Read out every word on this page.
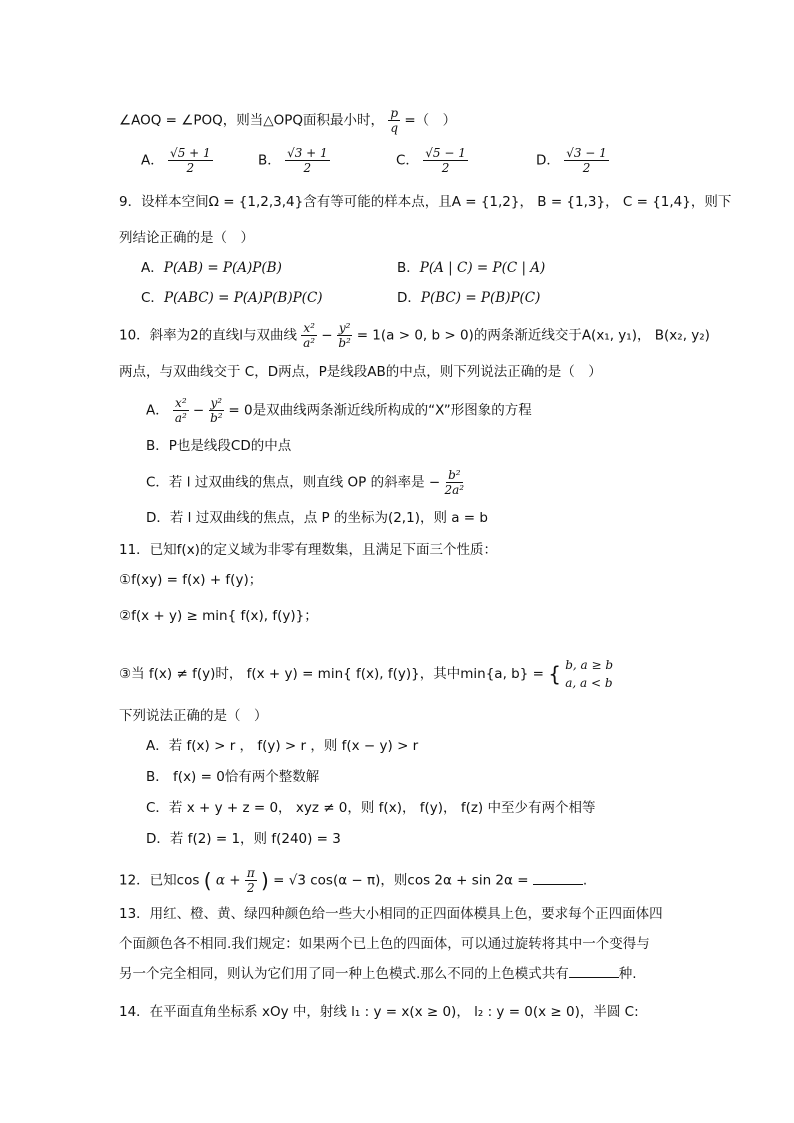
∠AOQ = ∠POQ，则当△OPQ面积最小时， $\frac{p}{q}$ =（　）
A． $\frac{√5 + 1}{2}$	B． $\frac{√3 + 1}{2}$	C． $\frac{√5 - 1}{2}$	D． $\frac{√3 - 1}{2}$
9．设样本空间Ω = {1,2,3,4}含有等可能的样本点，且A = {1,2}， B = {1,3}， C = {1,4}，则下
列结论正确的是（　）
A．P(AB) = P(A)P(B)	B．P(A | C) = P(C | A)
C．P(ABC) = P(A)P(B)P(C)	D．P(BC) = P(B)P(C)
10．斜率为2的直线l与双曲线 $\frac{\text{x²}}{\text{a²}} - \frac{\text{y²}}{\text{b²}} = 1(a > 0$, b > 0)的两条渐近线交于A(x₁, y₁)， B(x₂, y₂)
两点，与双曲线交于 C，D两点，P是线段AB的中点，则下列说法正确的是（　）
A． $\frac{\text{x²}}{\text{a²}} - \frac{\text{y²}}{\text{b²}} = 0$是双曲线两条渐近线所构成的“X”形图象的方程
B．P也是线段CD的中点
C．若 l 过双曲线的焦点，则直线 OP 的斜率是 − $\frac{\text{b²}}{\text{2a²}}$
D．若 l 过双曲线的焦点，点 P 的坐标为(2,1)，则 a = b
11．已知f(x)的定义域为非零有理数集，且满足下面三个性质：
①f(xy) = f(x) + f(y)；
②f(x + y) ≥ min{ f(x), f(y)}；
③当 f(x) ≠ f(y)时， f(x + y) = min{ f(x), f(y)}，其中min{a, b} = { b, a ≥ b
a, a < b
下列说法正确的是（　）
A．若 f(x) > r ， f(y) > r ，则 f(x − y) > r
B． f(x) = 0恰有两个整数解
C．若 x + y + z = 0， xyz ≠ 0，则 f(x)， f(y)， f(z) 中至少有两个相等
D．若 f(2) = 1，则 f(240) = 3
12．已知cos ( $\alpha + \frac{\pi}{2}$ ) = √3 cos(α − π)，则cos 2α + sin 2α =	.
13．用红、橙、黄、绿四种颜色给一些大小相同的正四面体模具上色，要求每个正四面体四
个面颜色各不相同.我们规定：如果两个已上色的四面体，可以通过旋转将其中一个变得与
另一个完全相同，则认为它们用了同一种上色模式.那么不同的上色模式共有	种.
14．在平面直角坐标系 xOy 中，射线 l₁ : y = x(x ≥ 0)， l₂ : y = 0(x ≥ 0)，半圆 C:
